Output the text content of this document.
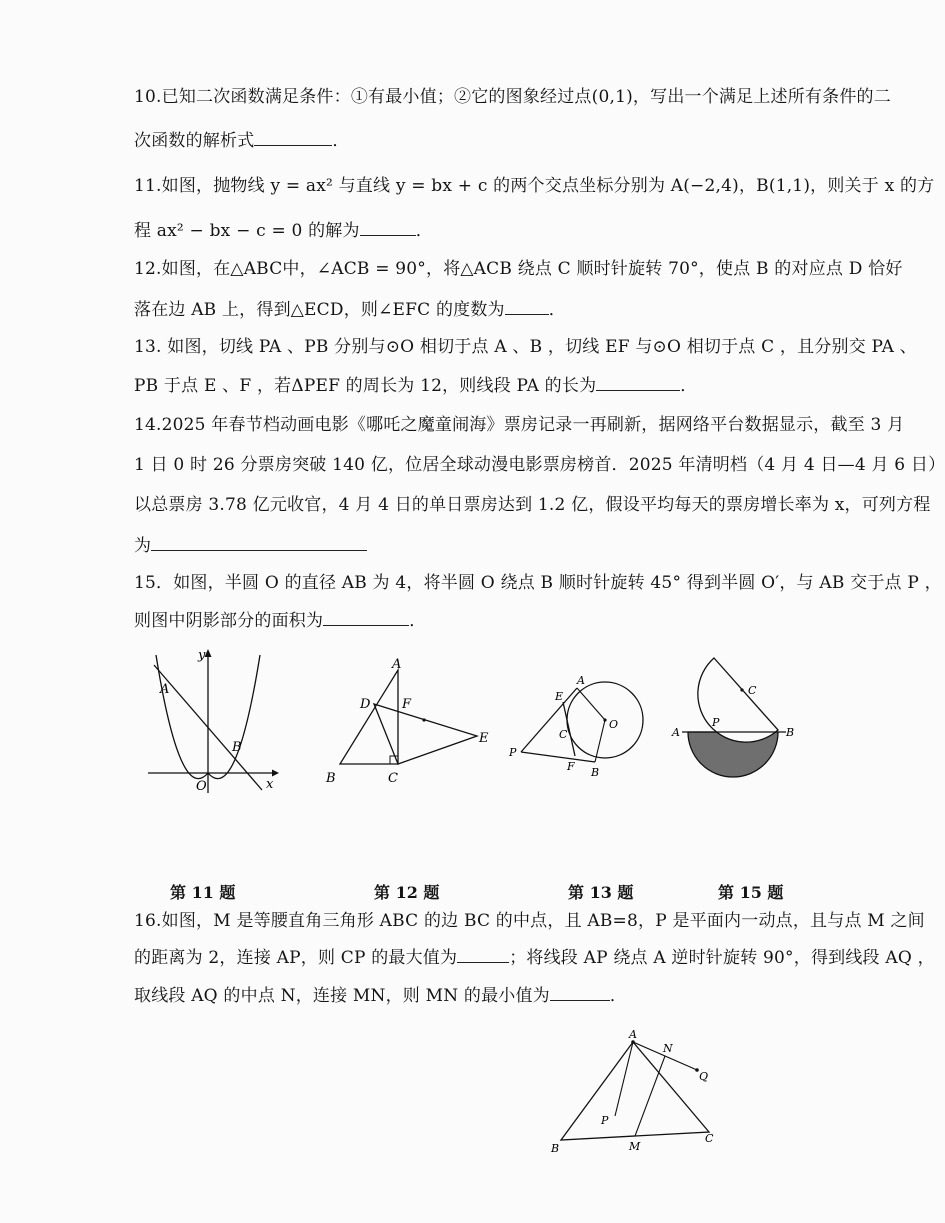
10.已知二次函数满足条件：①有最小值；②它的图象经过点(0,1)，写出一个满足上述所有条件的二
次函数的解析式	．
11.如图，抛物线 y = ax² 与直线 y = bx + c 的两个交点坐标分别为 A(−2,4)，B(1,1)，则关于 x 的方
程 ax² − bx − c = 0 的解为	．
12.如图，在△ABC中，∠ACB = 90°，将△ACB 绕点 C 顺时针旋转 70°，使点 B 的对应点 D 恰好
落在边 AB 上，得到△ECD，则∠EFC 的度数为	．
13. 如图，切线 PA 、PB 分别与⊙O 相切于点 A 、B ，切线 EF 与⊙O 相切于点 C ，且分别交 PA 、
PB 于点 E 、F ，若ΔPEF 的周长为 12，则线段 PA 的长为	．
14.2025 年春节档动画电影《哪吒之魔童闹海》票房记录一再刷新，据网络平台数据显示，截至 3 月
1 日 0 时 26 分票房突破 140 亿，位居全球动漫电影票房榜首．2025 年清明档（4 月 4 日—4 月 6 日）
以总票房 3.78 亿元收官，4 月 4 日的单日票房达到 1.2 亿，假设平均每天的票房增长率为 x，可列方程
为
15．如图，半圆 O 的直径 AB 为 4，将半圆 O 绕点 B 顺时针旋转 45° 得到半圆 O′，与 AB 交于点 P ，
则图中阴影部分的面积为	．
y
x
O
A
B
A
B	C
D
E
F
P
A
B
C
E
F
O
A	B
P
C
第 11 题	第 12 题	第 13 题	第 15 题
16.如图，M 是等腰直角三角形 ABC 的边 BC 的中点，且 AB=8，P 是平面内一动点，且与点 M 之间
的距离为 2，连接 AP，则 CP 的最大值为	；将线段 AP 绕点 A 逆时针旋转 90°，得到线段 AQ ，
取线段 AQ 的中点 N，连接 MN，则 MN 的最小值为	．
A
B
C
M
N
P
Q
